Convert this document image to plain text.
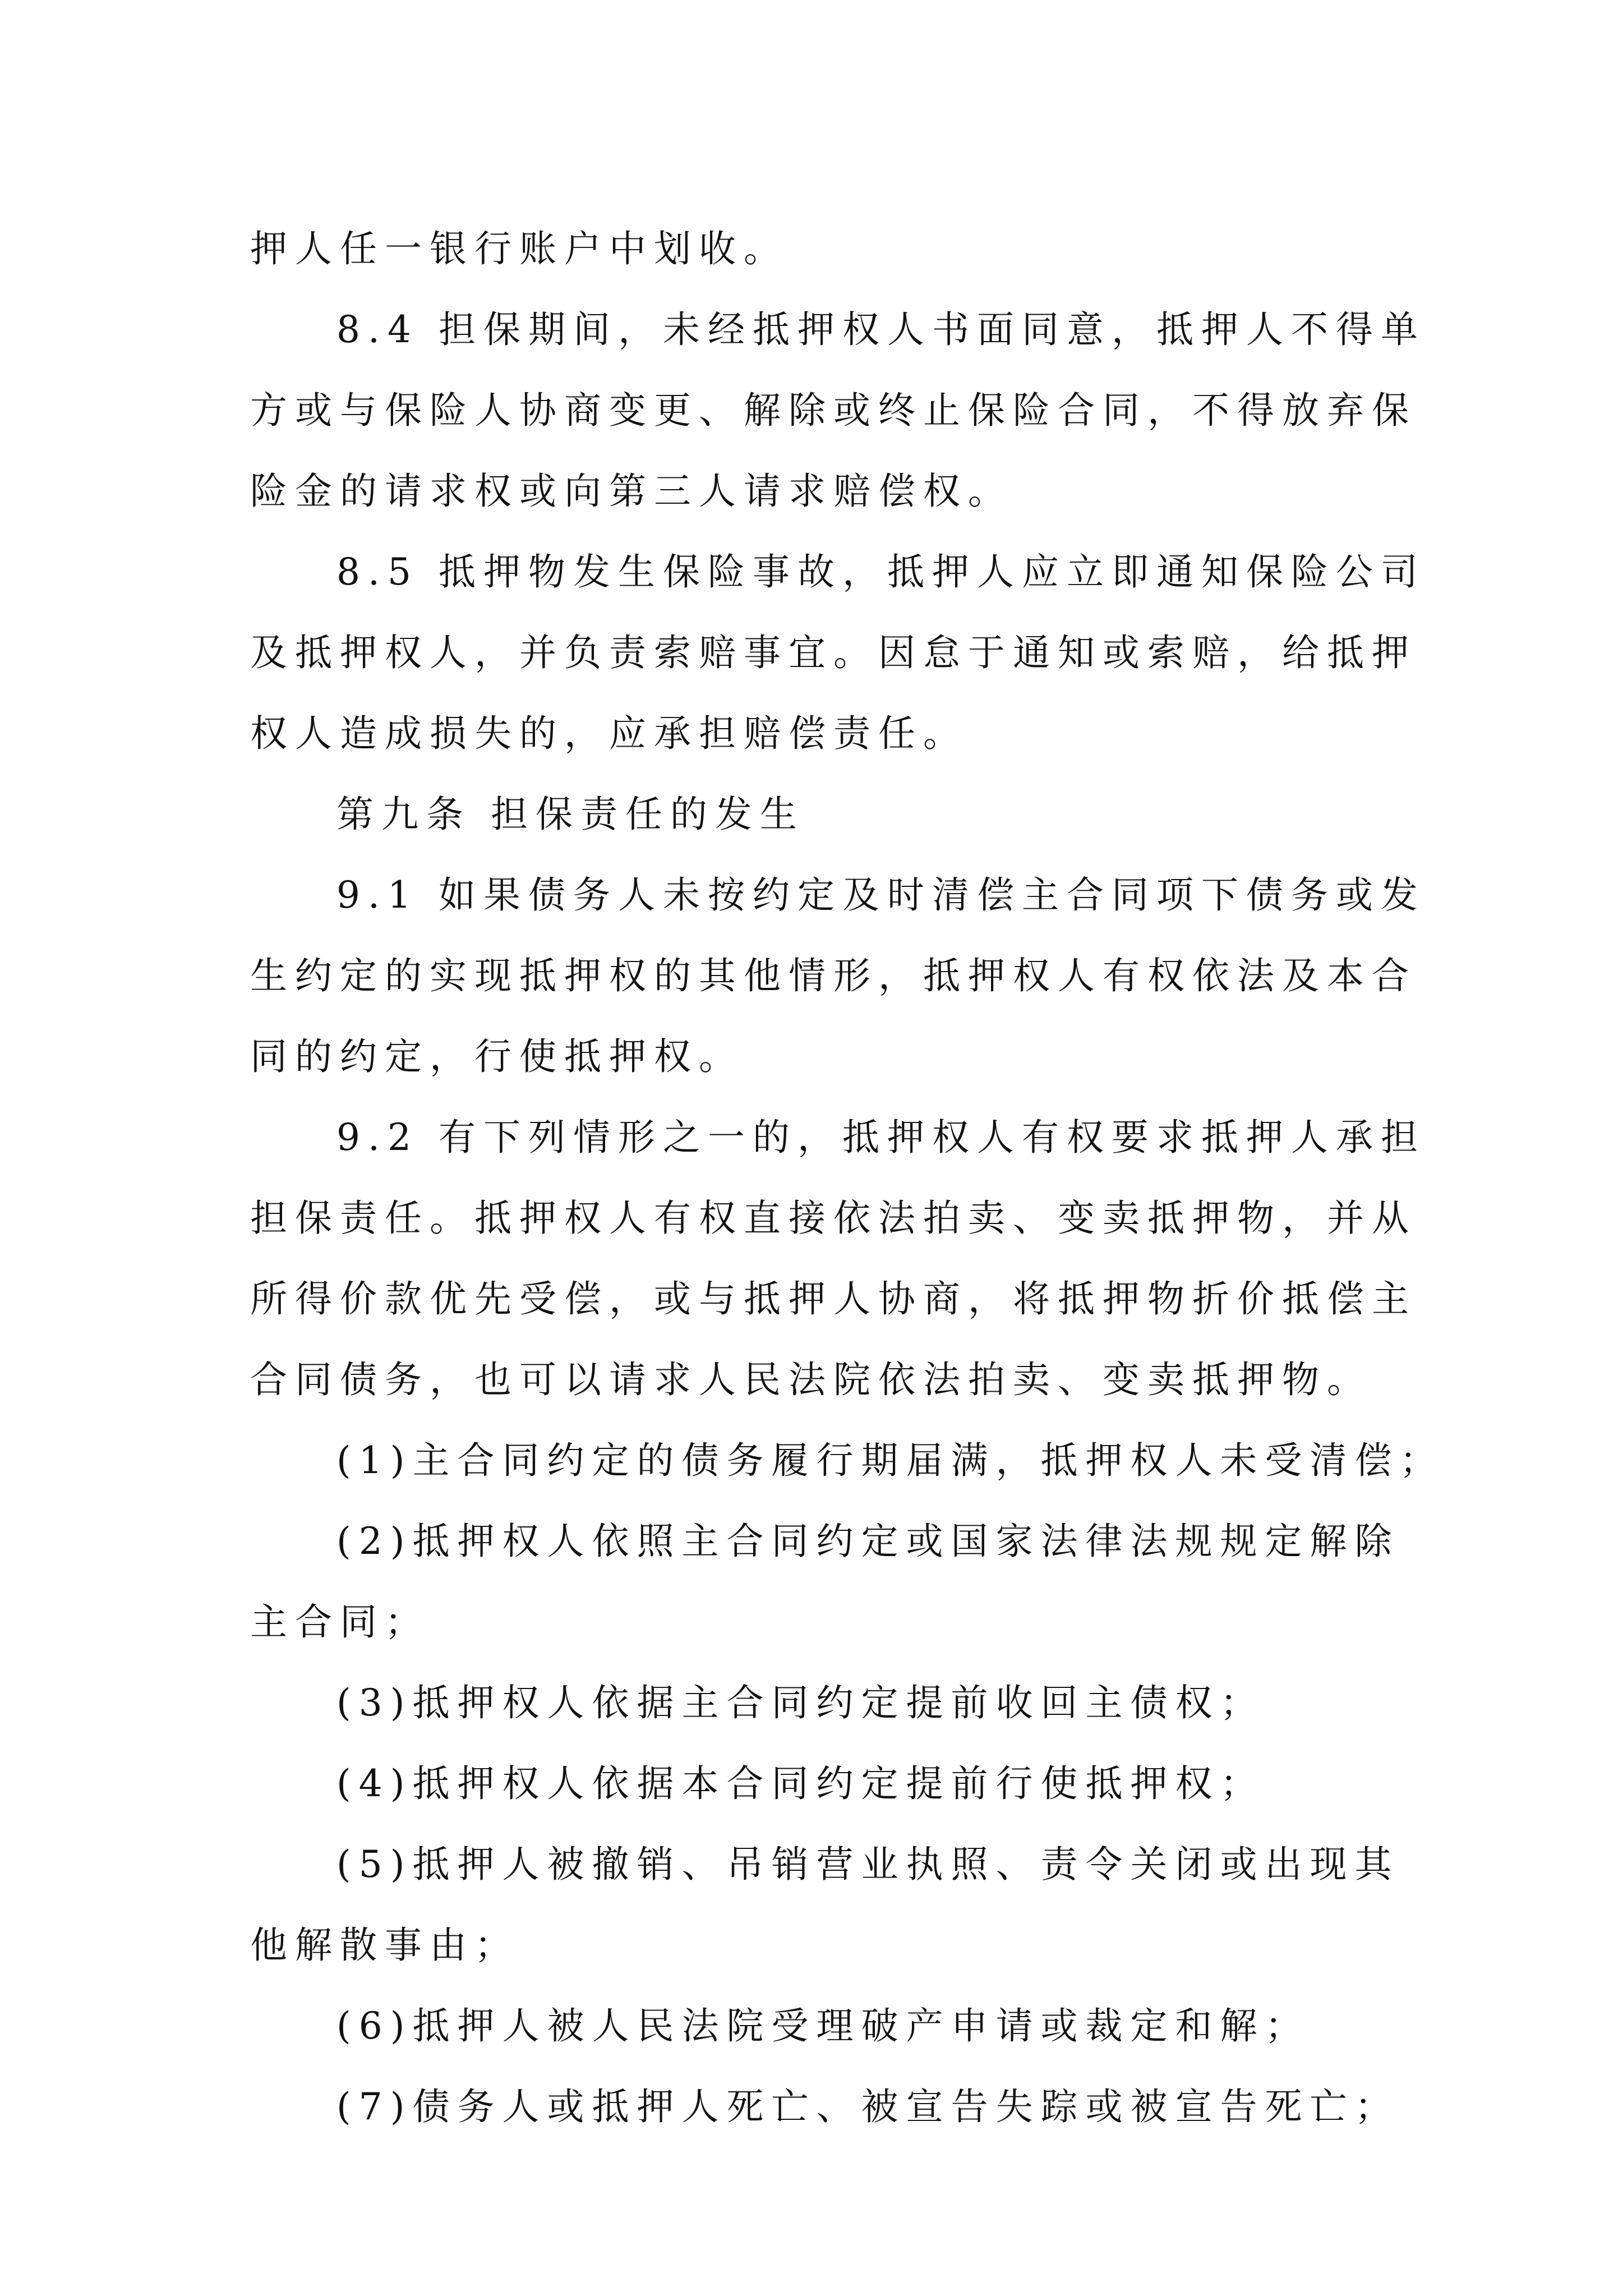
押人任一银行账户中划收。
8.4 担保期间，未经抵押权人书面同意，抵押人不得单
方或与保险人协商变更、解除或终止保险合同，不得放弃保
险金的请求权或向第三人请求赔偿权。
8.5 抵押物发生保险事故，抵押人应立即通知保险公司
及抵押权人，并负责索赔事宜。因怠于通知或索赔，给抵押
权人造成损失的，应承担赔偿责任。
第九条 担保责任的发生
9.1 如果债务人未按约定及时清偿主合同项下债务或发
生约定的实现抵押权的其他情形，抵押权人有权依法及本合
同的约定，行使抵押权。
9.2 有下列情形之一的，抵押权人有权要求抵押人承担
担保责任。抵押权人有权直接依法拍卖、变卖抵押物，并从
所得价款优先受偿，或与抵押人协商，将抵押物折价抵偿主
合同债务，也可以请求人民法院依法拍卖、变卖抵押物。
(1)主合同约定的债务履行期届满，抵押权人未受清偿；
(2)抵押权人依照主合同约定或国家法律法规规定解除
主合同；
(3)抵押权人依据主合同约定提前收回主债权；
(4)抵押权人依据本合同约定提前行使抵押权；
(5)抵押人被撤销、吊销营业执照、责令关闭或出现其
他解散事由；
(6)抵押人被人民法院受理破产申请或裁定和解；
(7)债务人或抵押人死亡、被宣告失踪或被宣告死亡；
